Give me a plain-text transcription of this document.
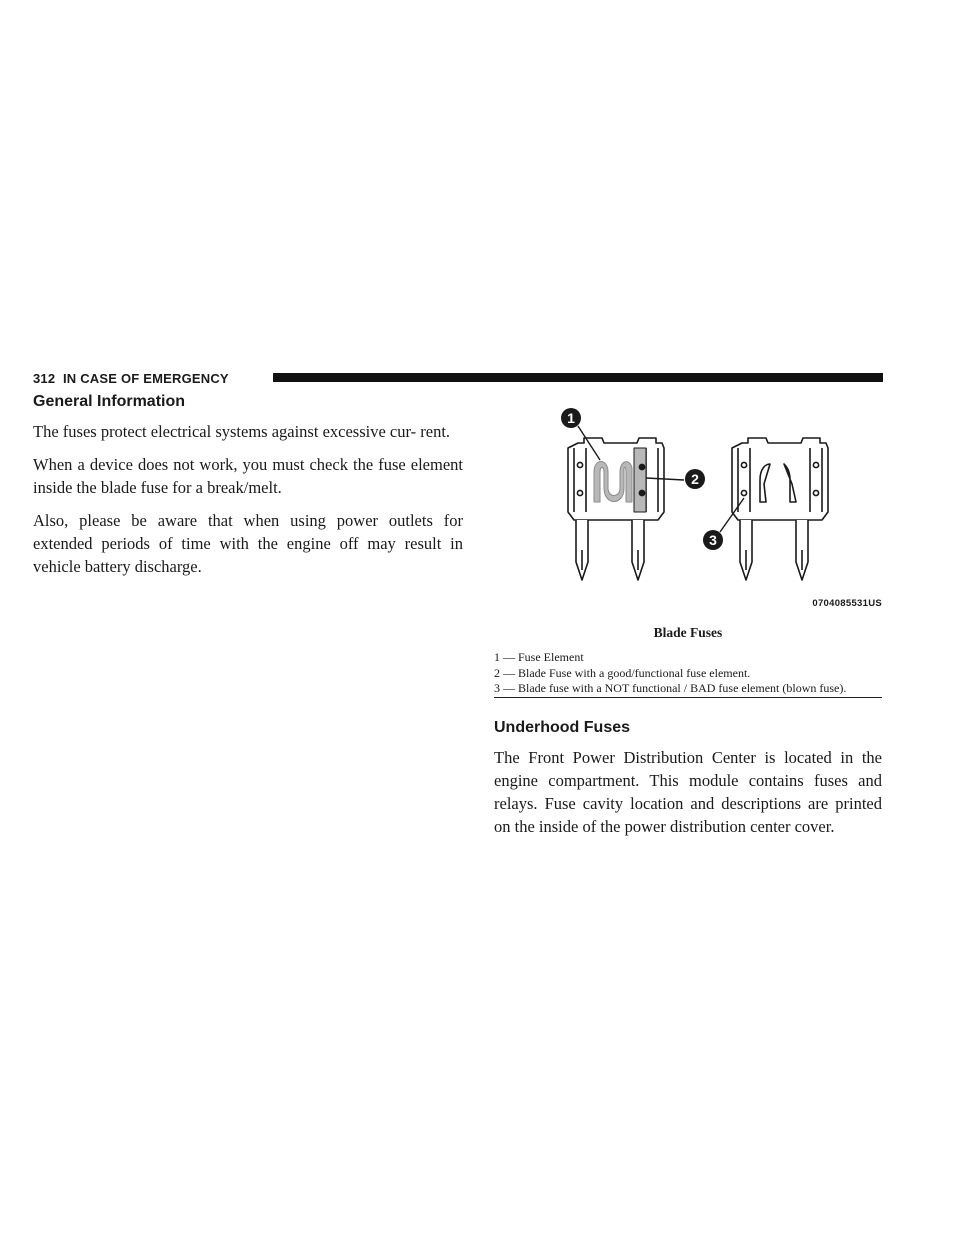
312 IN CASE OF EMERGENCY
General Information

The fuses protect electrical systems against excessive cur- rent.

When a device does not work, you must check the fuse element inside the blade fuse for a break/melt.

Also, please be aware that when using power outlets for extended periods of time with the engine off may result in vehicle battery discharge.

1
2
3
0704085531US
Blade Fuses
1 — Fuse Element
2 — Blade Fuse with a good/functional fuse element.
3 — Blade fuse with a NOT functional / BAD fuse element (blown fuse).
Underhood Fuses

The Front Power Distribution Center is located in the engine compartment. This module contains fuses and relays. Fuse cavity location and descriptions are printed on the inside of the power distribution center cover.
